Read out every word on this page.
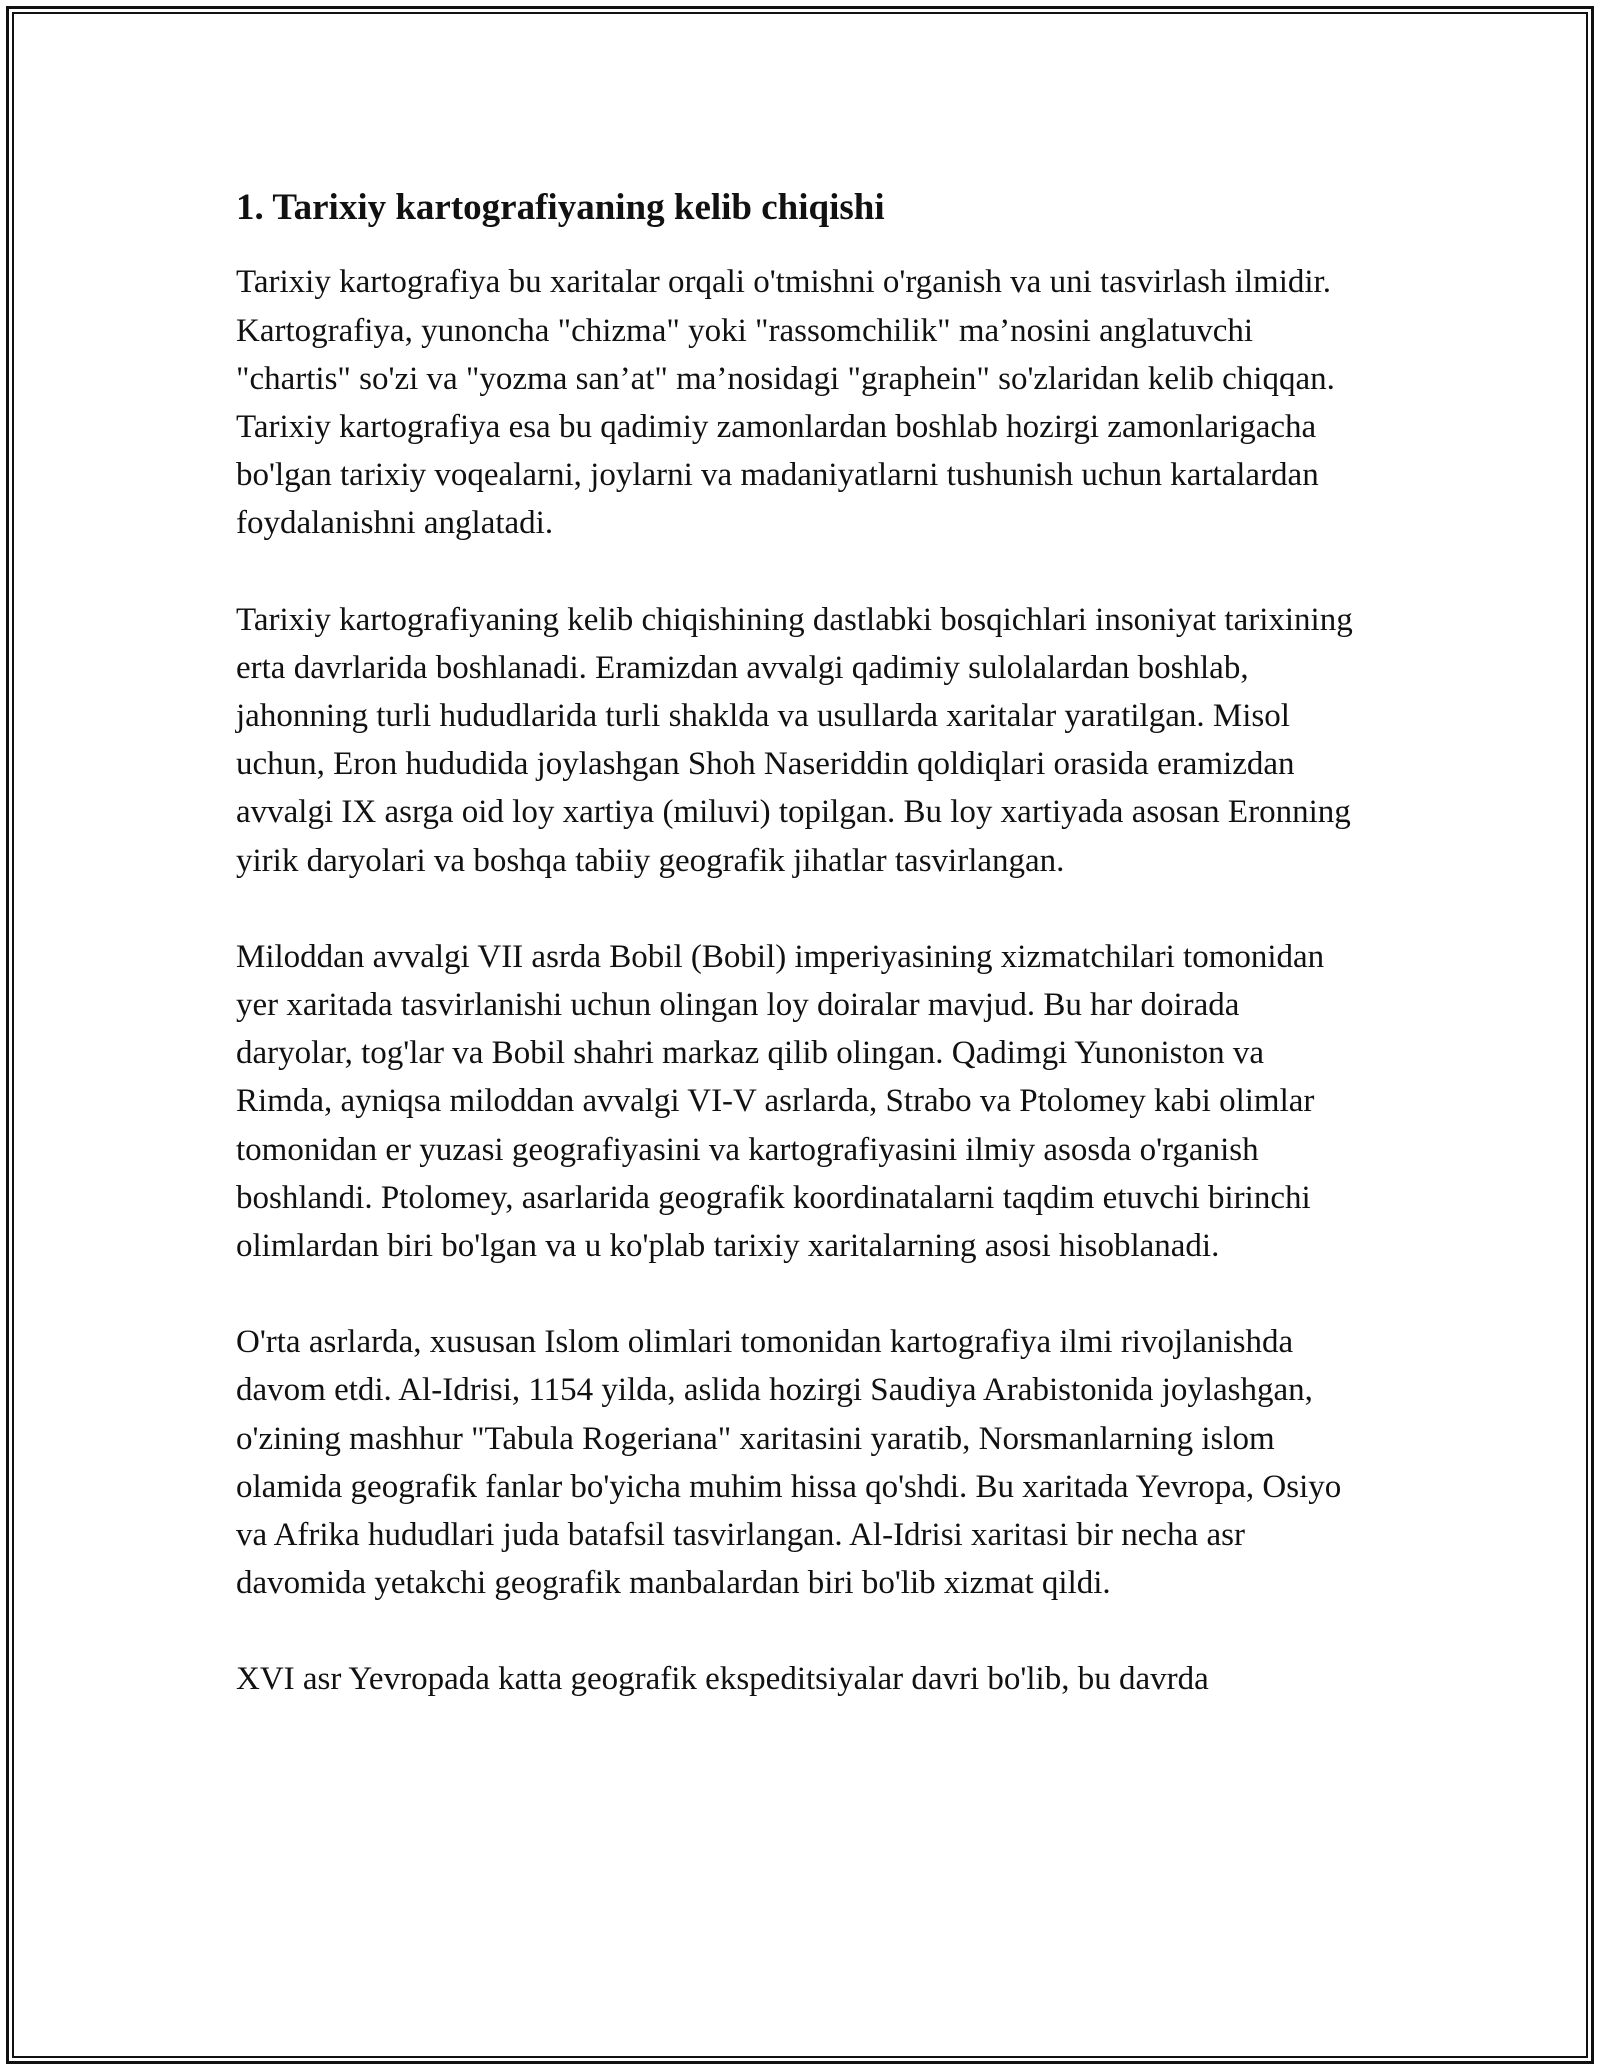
1. Tarixiy kartografiyaning kelib chiqishi

Tarixiy kartografiya bu xaritalar orqali o'tmishni o'rganish va uni tasvirlash ilmidir. Kartografiya, yunoncha "chizma" yoki "rassomchilik" ma’nosini anglatuvchi "chartis" so'zi va "yozma san’at" ma’nosidagi "graphein" so'zlaridan kelib chiqqan. Tarixiy kartografiya esa bu qadimiy zamonlardan boshlab hozirgi zamonlarigacha bo'lgan tarixiy voqealarni, joylarni va madaniyatlarni tushunish uchun kartalardan foydalanishni anglatadi.

Tarixiy kartografiyaning kelib chiqishining dastlabki bosqichlari insoniyat tarixining erta davrlarida boshlanadi. Eramizdan avvalgi qadimiy sulolalardan boshlab, jahonning turli hududlarida turli shaklda va usullarda xaritalar yaratilgan. Misol uchun, Eron hududida joylashgan Shoh Naseriddin qoldiqlari orasida eramizdan avvalgi IX asrga oid loy xartiya (miluvi) topilgan. Bu loy xartiyada asosan Eronning yirik daryolari va boshqa tabiiy geografik jihatlar tasvirlangan.

Miloddan avvalgi VII asrda Bobil (Bobil) imperiyasining xizmatchilari tomonidan yer xaritada tasvirlanishi uchun olingan loy doiralar mavjud. Bu har doirada daryolar, tog'lar va Bobil shahri markaz qilib olingan. Qadimgi Yunoniston va Rimda, ayniqsa miloddan avvalgi VI-V asrlarda, Strabo va Ptolomey kabi olimlar tomonidan er yuzasi geografiyasini va kartografiyasini ilmiy asosda o'rganish boshlandi. Ptolomey, asarlarida geografik koordinatalarni taqdim etuvchi birinchi olimlardan biri bo'lgan va u ko'plab tarixiy xaritalarning asosi hisoblanadi.

O'rta asrlarda, xususan Islom olimlari tomonidan kartografiya ilmi rivojlanishda davom etdi. Al-Idrisi, 1154 yilda, aslida hozirgi Saudiya Arabistonida joylashgan, o'zining mashhur "Tabula Rogeriana" xaritasini yaratib, Norsmanlarning islom olamida geografik fanlar bo'yicha muhim hissa qo'shdi. Bu xaritada Yevropa, Osiyo va Afrika hududlari juda batafsil tasvirlangan. Al-Idrisi xaritasi bir necha asr davomida yetakchi geografik manbalardan biri bo'lib xizmat qildi.

XVI asr Yevropada katta geografik ekspeditsiyalar davri bo'lib, bu davrda
